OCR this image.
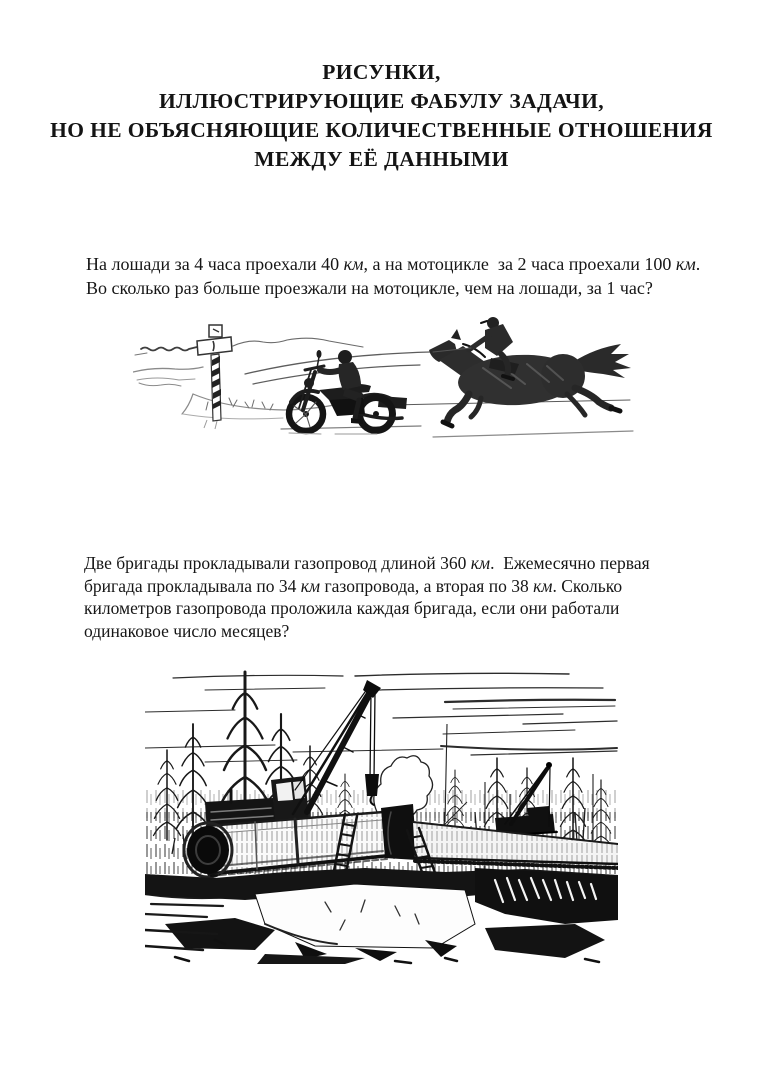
РИСУНКИ,
ИЛЛЮСТРИРУЮЩИЕ ФАБУЛУ ЗАДАЧИ,
НО НЕ ОБЪЯСНЯЮЩИЕ КОЛИЧЕСТВЕННЫЕ ОТНОШЕНИЯ
МЕЖДУ ЕЁ ДАННЫМИ
На лошади за 4 часа проехали 40 км, а на мотоцикле  за 2 часа проехали 100 км.
Во сколько раз больше проезжали на мотоцикле, чем на лошади, за 1 час?
Две бригады прокладывали газопровод длиной 360 км.  Ежемесячно первая
бригада прокладывала по 34 км газопровода, а вторая по 38 км. Сколько
километров газопровода проложила каждая бригада, если они работали
одинаковое число месяцев?
